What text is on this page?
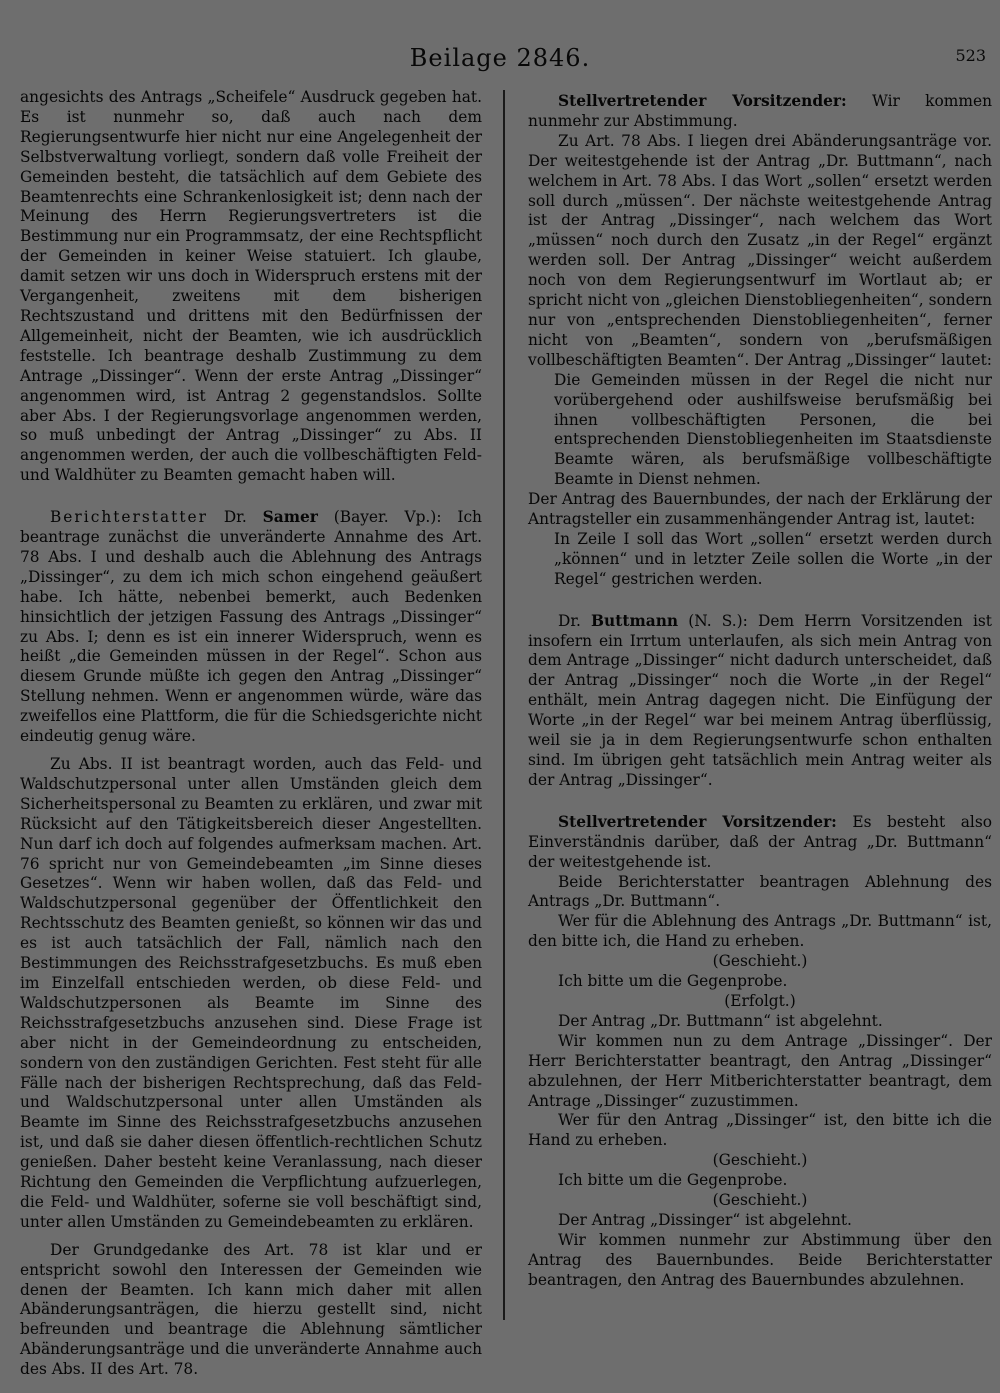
Beilage 2846.	523

angesichts des Antrags „Scheifele“ Ausdruck gegeben hat. Es ist nunmehr so, daß auch nach dem Regierungsentwurfe hier nicht nur eine Angelegenheit der Selbstverwaltung vorliegt, sondern daß volle Freiheit der Gemeinden besteht, die tatsächlich auf dem Gebiete des Beamtenrechts eine Schrankenlosigkeit ist; denn nach der Meinung des Herrn Regierungsvertreters ist die Bestimmung nur ein Programmsatz, der eine Rechtspflicht der Gemeinden in keiner Weise statuiert. Ich glaube, damit setzen wir uns doch in Widerspruch erstens mit der Vergangenheit, zweitens mit dem bisherigen Rechtszustand und drittens mit den Bedürfnissen der Allgemeinheit, nicht der Beamten, wie ich ausdrücklich feststelle. Ich beantrage deshalb Zustimmung zu dem Antrage „Dissinger“. Wenn der erste Antrag „Dissinger“ angenommen wird, ist Antrag 2 gegenstandslos. Sollte aber Abs. I der Regierungsvorlage angenommen werden, so muß unbedingt der Antrag „Dissinger“ zu Abs. II angenommen werden, der auch die vollbeschäftigten Feld- und Waldhüter zu Beamten gemacht haben will.

Berichterstatter Dr. Samer (Bayer. Vp.): Ich beantrage zunächst die unveränderte Annahme des Art. 78 Abs. I und deshalb auch die Ablehnung des Antrags „Dissinger“, zu dem ich mich schon eingehend geäußert habe. Ich hätte, nebenbei bemerkt, auch Bedenken hinsichtlich der jetzigen Fassung des Antrags „Dissinger“ zu Abs. I; denn es ist ein innerer Widerspruch, wenn es heißt „die Gemeinden müssen in der Regel“. Schon aus diesem Grunde müßte ich gegen den Antrag „Dissinger“ Stellung nehmen. Wenn er angenommen würde, wäre das zweifellos eine Plattform, die für die Schiedsgerichte nicht eindeutig genug wäre.

Zu Abs. II ist beantragt worden, auch das Feld- und Waldschutzpersonal unter allen Umständen gleich dem Sicherheitspersonal zu Beamten zu erklären, und zwar mit Rücksicht auf den Tätigkeitsbereich dieser Angestellten. Nun darf ich doch auf folgendes aufmerksam machen. Art. 76 spricht nur von Gemeindebeamten „im Sinne dieses Gesetzes“. Wenn wir haben wollen, daß das Feld- und Waldschutzpersonal gegenüber der Öffentlichkeit den Rechtsschutz des Beamten genießt, so können wir das und es ist auch tatsächlich der Fall, nämlich nach den Bestimmungen des Reichsstrafgesetzbuchs. Es muß eben im Einzelfall entschieden werden, ob diese Feld- und Waldschutzpersonen als Beamte im Sinne des Reichsstrafgesetzbuchs anzusehen sind. Diese Frage ist aber nicht in der Gemeindeordnung zu entscheiden, sondern von den zuständigen Gerichten. Fest steht für alle Fälle nach der bisherigen Rechtsprechung, daß das Feld- und Waldschutzpersonal unter allen Umständen als Beamte im Sinne des Reichsstrafgesetzbuchs anzusehen ist, und daß sie daher diesen öffentlich-rechtlichen Schutz genießen. Daher besteht keine Veranlassung, nach dieser Richtung den Gemeinden die Verpflichtung aufzuerlegen, die Feld- und Waldhüter, soferne sie voll beschäftigt sind, unter allen Umständen zu Gemeindebeamten zu erklären.

Der Grundgedanke des Art. 78 ist klar und er entspricht sowohl den Interessen der Gemeinden wie denen der Beamten. Ich kann mich daher mit allen Abänderungsanträgen, die hierzu gestellt sind, nicht befreunden und beantrage die Ablehnung sämtlicher Abänderungsanträge und die unveränderte Annahme auch des Abs. II des Art. 78.

Stellvertretender Vorsitzender: Wir kommen nunmehr zur Abstimmung.

Zu Art. 78 Abs. I liegen drei Abänderungsanträge vor. Der weitestgehende ist der Antrag „Dr. Buttmann“, nach welchem in Art. 78 Abs. I das Wort „sollen“ ersetzt werden soll durch „müssen“. Der nächste weitestgehende Antrag ist der Antrag „Dissinger“, nach welchem das Wort „müssen“ noch durch den Zusatz „in der Regel“ ergänzt werden soll. Der Antrag „Dissinger“ weicht außerdem noch von dem Regierungsentwurf im Wortlaut ab; er spricht nicht von „gleichen Dienstobliegenheiten“, sondern nur von „entsprechenden Dienstobliegenheiten“, ferner nicht von „Beamten“, sondern von „berufsmäßigen vollbeschäftigten Beamten“. Der Antrag „Dissinger“ lautet:

Die Gemeinden müssen in der Regel die nicht nur vorübergehend oder aushilfsweise berufsmäßig bei ihnen vollbeschäftigten Personen, die bei entsprechenden Dienstobliegenheiten im Staatsdienste Beamte wären, als berufsmäßige vollbeschäftigte Beamte in Dienst nehmen.

Der Antrag des Bauernbundes, der nach der Erklärung der Antragsteller ein zusammenhängender Antrag ist, lautet:

In Zeile I soll das Wort „sollen“ ersetzt werden durch „können“ und in letzter Zeile sollen die Worte „in der Regel“ gestrichen werden.

Dr. Buttmann (N. S.): Dem Herrn Vorsitzenden ist insofern ein Irrtum unterlaufen, als sich mein Antrag von dem Antrage „Dissinger“ nicht dadurch unterscheidet, daß der Antrag „Dissinger“ noch die Worte „in der Regel“ enthält, mein Antrag dagegen nicht. Die Einfügung der Worte „in der Regel“ war bei meinem Antrag überflüssig, weil sie ja in dem Regierungsentwurfe schon enthalten sind. Im übrigen geht tatsächlich mein Antrag weiter als der Antrag „Dissinger“.

Stellvertretender Vorsitzender: Es besteht also Einverständnis darüber, daß der Antrag „Dr. Buttmann“ der weitestgehende ist.

Beide Berichterstatter beantragen Ablehnung des Antrags „Dr. Buttmann“.

Wer für die Ablehnung des Antrags „Dr. Buttmann“ ist, den bitte ich, die Hand zu erheben.

(Geschieht.)

Ich bitte um die Gegenprobe.

(Erfolgt.)

Der Antrag „Dr. Buttmann“ ist abgelehnt.

Wir kommen nun zu dem Antrage „Dissinger“. Der Herr Berichterstatter beantragt, den Antrag „Dissinger“ abzulehnen, der Herr Mitberichterstatter beantragt, dem Antrage „Dissinger“ zuzustimmen.

Wer für den Antrag „Dissinger“ ist, den bitte ich die Hand zu erheben.

(Geschieht.)

Ich bitte um die Gegenprobe.

(Geschieht.)

Der Antrag „Dissinger“ ist abgelehnt.

Wir kommen nunmehr zur Abstimmung über den Antrag des Bauernbundes. Beide Berichterstatter beantragen, den Antrag des Bauernbundes abzulehnen.
